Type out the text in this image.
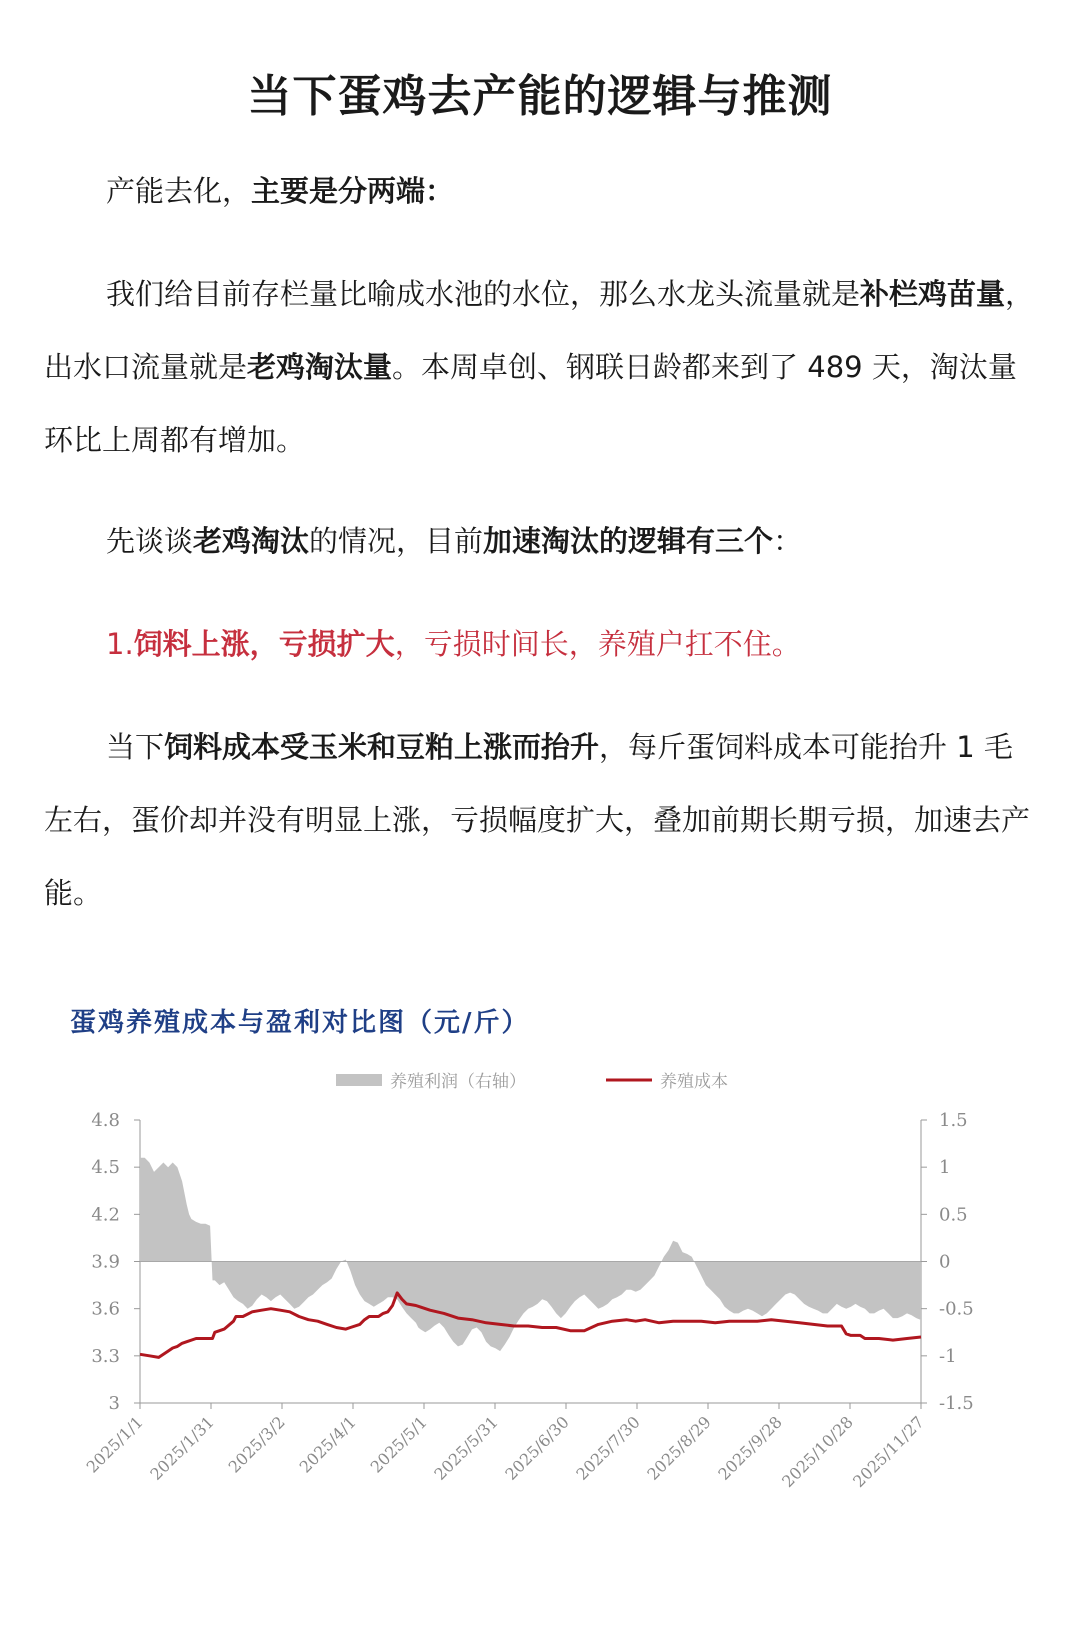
当下蛋鸡去产能的逻辑与推测

产能去化，主要是分两端：

我们给目前存栏量比喻成水池的水位，那么水龙头流量就是补栏鸡苗量，出水口流量就是老鸡淘汰量。本周卓创、钢联日龄都来到了 489 天，淘汰量环比上周都有增加。

先谈谈老鸡淘汰的情况，目前加速淘汰的逻辑有三个：

1.饲料上涨，亏损扩大，亏损时间长，养殖户扛不住。

当下饲料成本受玉米和豆粕上涨而抬升，每斤蛋饲料成本可能抬升 1 毛左右，蛋价却并没有明显上涨，亏损幅度扩大，叠加前期长期亏损，加速去产能。

蛋鸡养殖成本与盈利对比图（元/斤）
养殖利润（右轴）	养殖成本
4.8
4.5
4.2
3.9
3.6
3.3
3
1.5
1
0.5
0
-0.5
-1
-1.5
2025/1/1 2025/1/31 2025/3/2 2025/4/1 2025/5/1 2025/5/31 2025/6/30 2025/7/30 2025/8/29 2025/9/28
2025/10/28
2025/11/27
